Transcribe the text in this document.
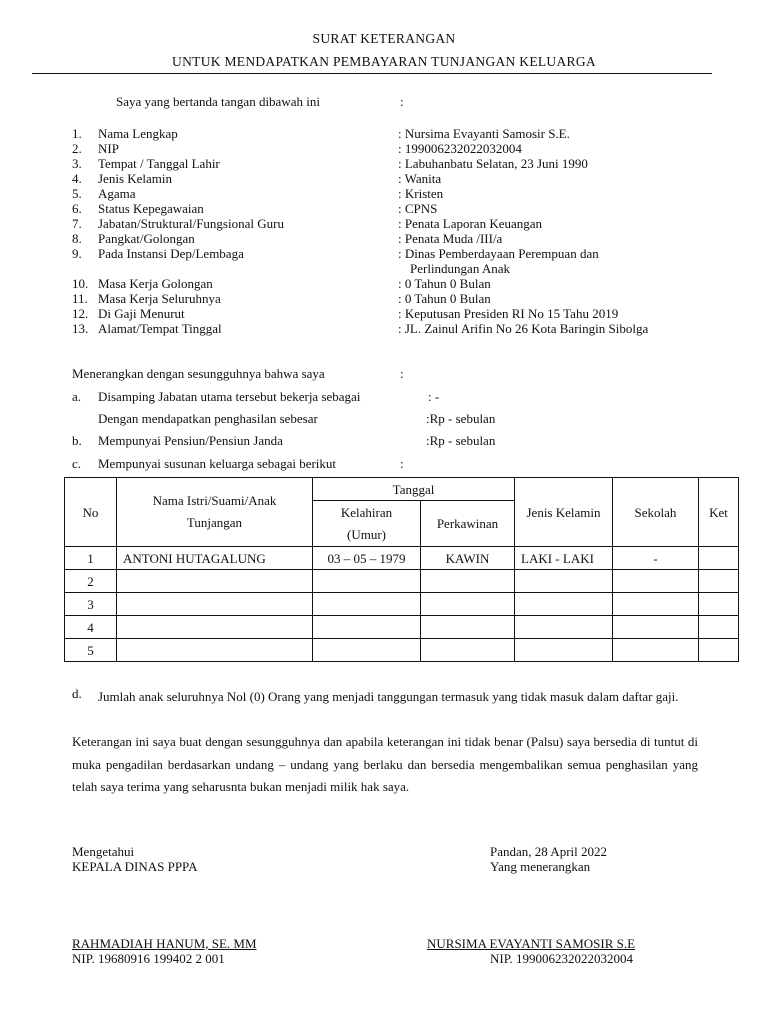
SURAT KETERANGAN
UNTUK MENDAPATKAN PEMBAYARAN TUNJANGAN KELUARGA
Saya yang bertanda tangan dibawah ini	:
1. Nama Lengkap	: Nursima Evayanti Samosir S.E.
2. NIP	: 199006232022032004
3. Tempat / Tanggal Lahir	: Labuhanbatu Selatan, 23 Juni 1990
4. Jenis Kelamin	: Wanita
5. Agama	: Kristen
6. Status Kepegawaian	: CPNS
7. Jabatan/Struktural/Fungsional Guru	: Penata Laporan Keuangan
8. Pangkat/Golongan	: Penata Muda /III/a
9. Pada Instansi Dep/Lembaga	: Dinas Pemberdayaan Perempuan dan
Perlindungan Anak
10. Masa Kerja Golongan	: 0 Tahun 0 Bulan
11. Masa Kerja Seluruhnya	: 0 Tahun 0 Bulan
12. Di Gaji Menurut	: Keputusan Presiden RI No 15 Tahu 2019
13. Alamat/Tempat Tinggal	: JL. Zainul Arifin No 26 Kota Baringin Sibolga
Menerangkan dengan sesungguhnya bahwa saya	:
a. Disamping Jabatan utama tersebut bekerja sebagai	: -
Dengan mendapatkan penghasilan sebesar	:Rp - sebulan
b. Mempunyai Pensiun/Pensiun Janda	:Rp - sebulan
c. Mempunyai susunan keluarga sebagai berikut	:
No	Nama Istri/Suami/Anak Tunjangan	Tanggal		Jenis Kelamin	Sekolah	Ket
		Kelahiran (Umur)	Perkawinan			
1	ANTONI HUTAGALUNG	03 – 05 – 1979	KAWIN	LAKI - LAKI	-	
2						
3						
4						
5						
d. Jumlah anak seluruhnya Nol (0) Orang yang menjadi tanggungan termasuk yang tidak masuk dalam daftar gaji.
Keterangan ini saya buat dengan sesungguhnya dan apabila keterangan ini tidak benar (Palsu) saya bersedia di tuntut di muka pengadilan berdasarkan undang – undang yang berlaku dan bersedia mengembalikan semua penghasilan yang telah saya terima yang seharusnta bukan menjadi milik hak saya.
Mengetahui
KEPALA DINAS PPPA
RAHMADIAH HANUM, SE. MM
NIP. 19680916 199402 2 001
Pandan, 28 April 2022
Yang menerangkan
NURSIMA EVAYANTI SAMOSIR S.E
NIP. 199006232022032004
